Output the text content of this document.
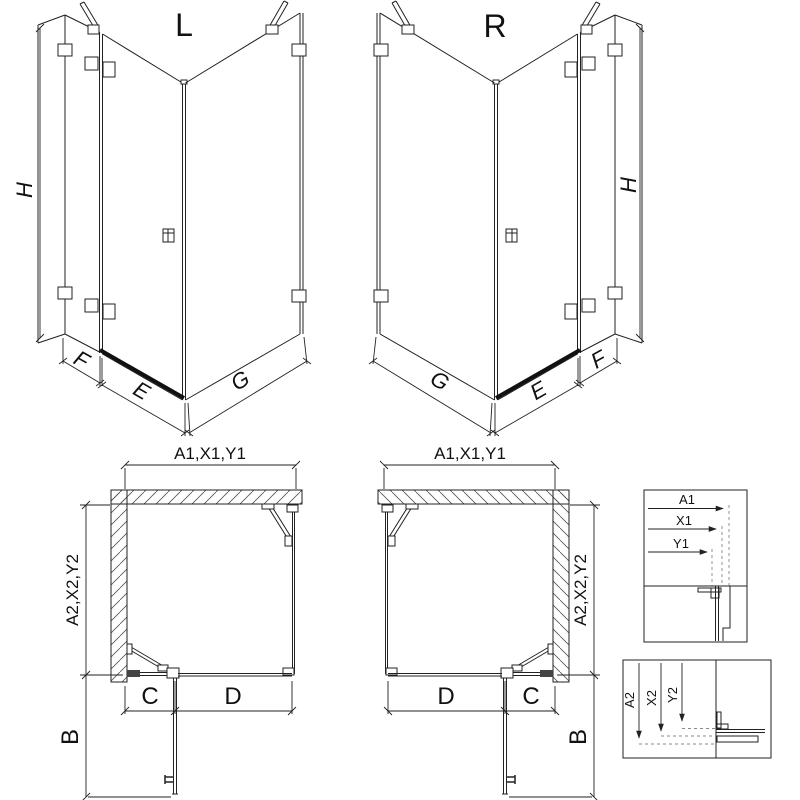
L	R
H
F
E	G
H
F
E
G
A1,X1,Y1
A2,X2,Y2
C	D
B
A1,X1,Y1
A2,X2,Y2
D	C
B
A1
X1
Y1
A2 X2 Y2
